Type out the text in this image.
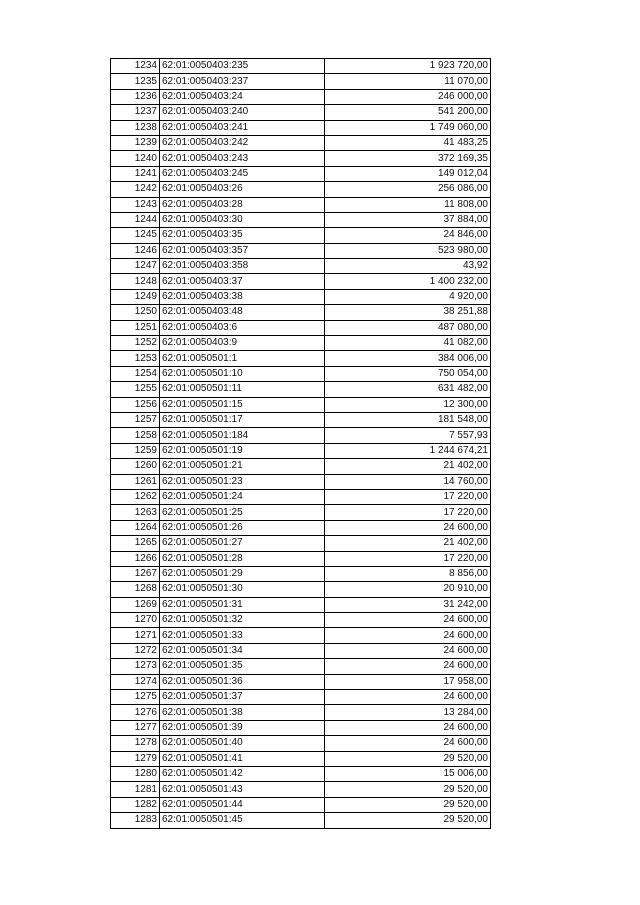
1234	62:01:0050403:235	1 923 720,00
1235	62:01:0050403:237	11 070,00
1236	62:01:0050403:24	246 000,00
1237	62:01:0050403:240	541 200,00
1238	62:01:0050403:241	1 749 060,00
1239	62:01:0050403:242	41 483,25
1240	62:01:0050403:243	372 169,35
1241	62:01:0050403:245	149 012,04
1242	62:01:0050403:26	256 086,00
1243	62:01:0050403:28	11 808,00
1244	62:01:0050403:30	37 884,00
1245	62:01:0050403:35	24 846,00
1246	62:01:0050403:357	523 980,00
1247	62:01:0050403:358	43,92
1248	62:01:0050403:37	1 400 232,00
1249	62:01:0050403:38	4 920,00
1250	62:01:0050403:48	38 251,88
1251	62:01:0050403:6	487 080,00
1252	62:01:0050403:9	41 082,00
1253	62:01:0050501:1	384 006,00
1254	62:01:0050501:10	750 054,00
1255	62:01:0050501:11	631 482,00
1256	62:01:0050501:15	12 300,00
1257	62:01:0050501:17	181 548,00
1258	62:01:0050501:184	7 557,93
1259	62:01:0050501:19	1 244 674,21
1260	62:01:0050501:21	21 402,00
1261	62:01:0050501:23	14 760,00
1262	62:01:0050501:24	17 220,00
1263	62:01:0050501:25	17 220,00
1264	62:01:0050501:26	24 600,00
1265	62:01:0050501:27	21 402,00
1266	62:01:0050501:28	17 220,00
1267	62:01:0050501:29	8 856,00
1268	62:01:0050501:30	20 910,00
1269	62:01:0050501:31	31 242,00
1270	62:01:0050501:32	24 600,00
1271	62:01:0050501:33	24 600,00
1272	62:01:0050501:34	24 600,00
1273	62:01:0050501:35	24 600,00
1274	62:01:0050501:36	17 958,00
1275	62:01:0050501:37	24 600,00
1276	62:01:0050501:38	13 284,00
1277	62:01:0050501:39	24 600,00
1278	62:01:0050501:40	24 600,00
1279	62:01:0050501:41	29 520,00
1280	62:01:0050501:42	15 006,00
1281	62:01:0050501:43	29 520,00
1282	62:01:0050501:44	29 520,00
1283	62:01:0050501:45	29 520,00
